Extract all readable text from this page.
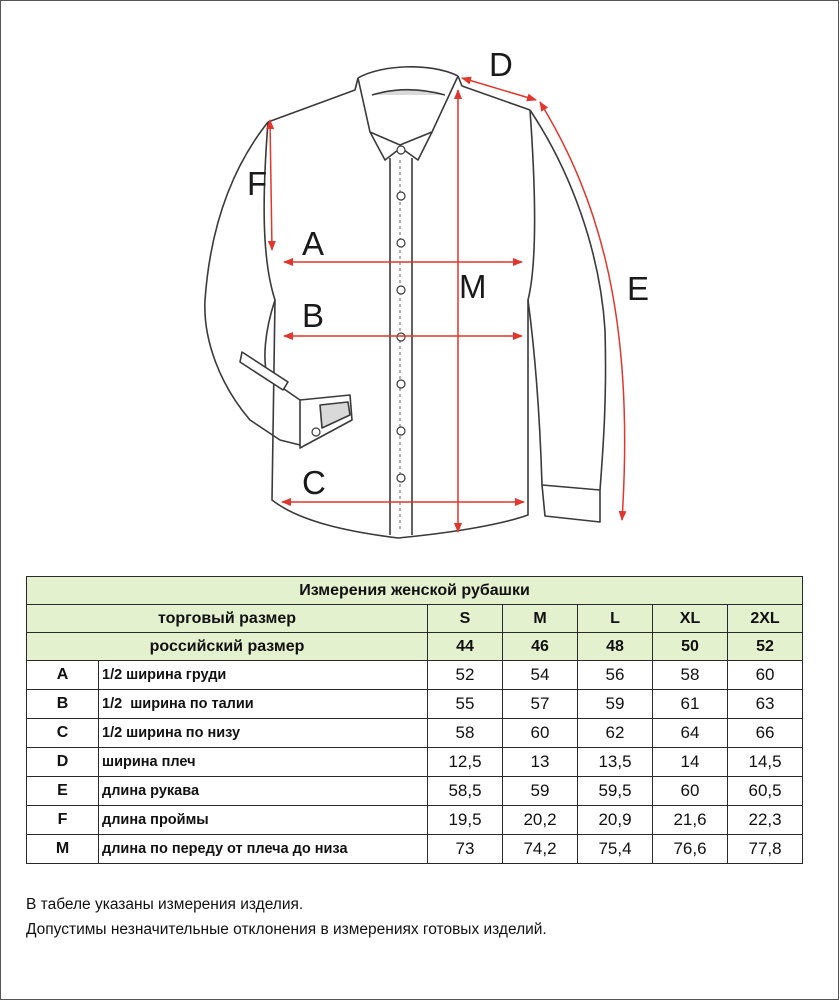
A
B
C
D
E
F
M
Измерения женской рубашки						
торговый размер		S	M	L	XL	2XL
российский размер		44	46	48	50	52
A	1/2 ширина груди	52	54	56	58	60
B	1/2  ширина по талии	55	57	59	61	63
C	1/2 ширина по низу	58	60	62	64	66
D	ширина плеч	12,5	13	13,5	14	14,5
E	длина рукава	58,5	59	59,5	60	60,5
F	длина проймы	19,5	20,2	20,9	21,6	22,3
M	длина по переду от плеча до низа	73	74,2	75,4	76,6	77,8
В табеле указаны измерения изделия.
Допустимы незначительные отклонения в измерениях готовых изделий.
